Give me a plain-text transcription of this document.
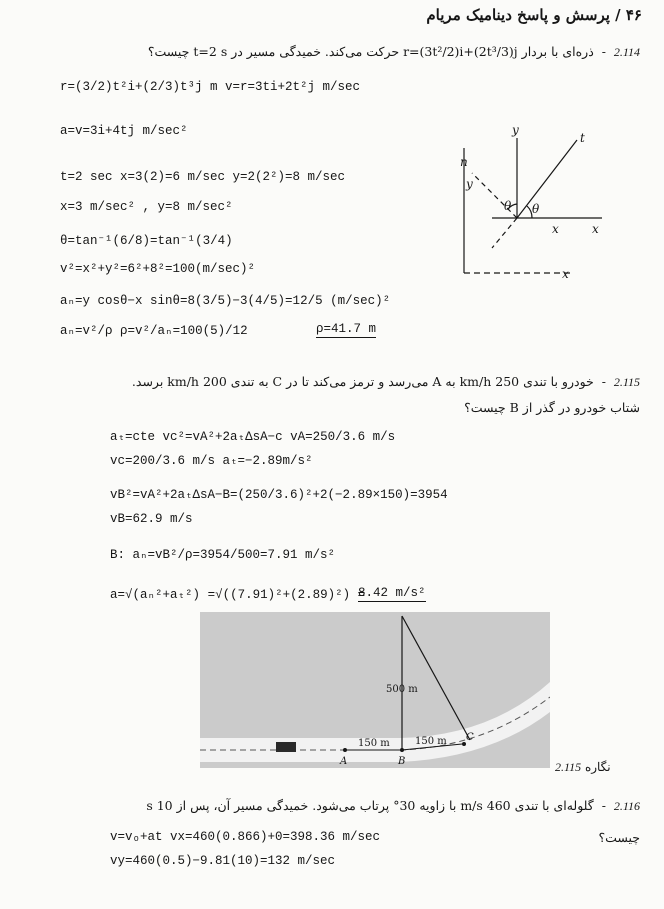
۴۶ / پرسش و پاسخ دینامیک مریام
2.114  -  ذره‌ای با بردار r=(3t²/2)i+(2t³/3)j حرکت می‌کند. خمیدگی مسیر در t=2 s چیست؟
r=(3/2)t²i+(2/3)t³j m v=r=3ti+2t²j m/sec
a=v=3i+4tj m/sec²
t=2 sec x=3(2)=6 m/sec y=2(2²)=8 m/sec
x=3 m/sec² , y=8 m/sec²
θ=tan⁻¹(6/8)=tan⁻¹(3/4)
v²=x²+y²=6²+8²=100(m/sec)²
aₙ=y cosθ−x sinθ=8(3/5)−3(4/5)=12/5 (m/sec)²
aₙ=v²/ρ ρ=v²/aₙ=100(5)/12	ρ=41.7 m
n
t
y
y
x	x
x
θ θ
2.115  -  خودرو با تندی 250 km/h به A می‌رسد و ترمز می‌کند تا در C به تندی 200 km/h برسد.
شتاب خودرو در گذر از B چیست؟
aₜ=cte vc²=vA²+2aₜΔsA−c vA=250/3.6 m/s
vc=200/3.6 m/s aₜ=−2.89m/s²
vB²=vA²+2aₜΔsA−B=(250/3.6)²+2(−2.89×150)=3954
vB=62.9 m/s
B: aₙ=vB²/ρ=3954/500=7.91 m/s²
a=√(aₙ²+aₜ²) =√((7.91)²+(2.89)²) =
8.42 m/s²
500 m
150 m	150 m
A	B
C
نگاره 2.115
2.116  -  گلوله‌ای با تندی 460 m/s با زاویه 30° پرتاب می‌شود. خمیدگی مسیر آن، پس از 10 s
چیست؟
v=vₒ+at vx=460(0.866)+0=398.36 m/sec
vy=460(0.5)−9.81(10)=132 m/sec
